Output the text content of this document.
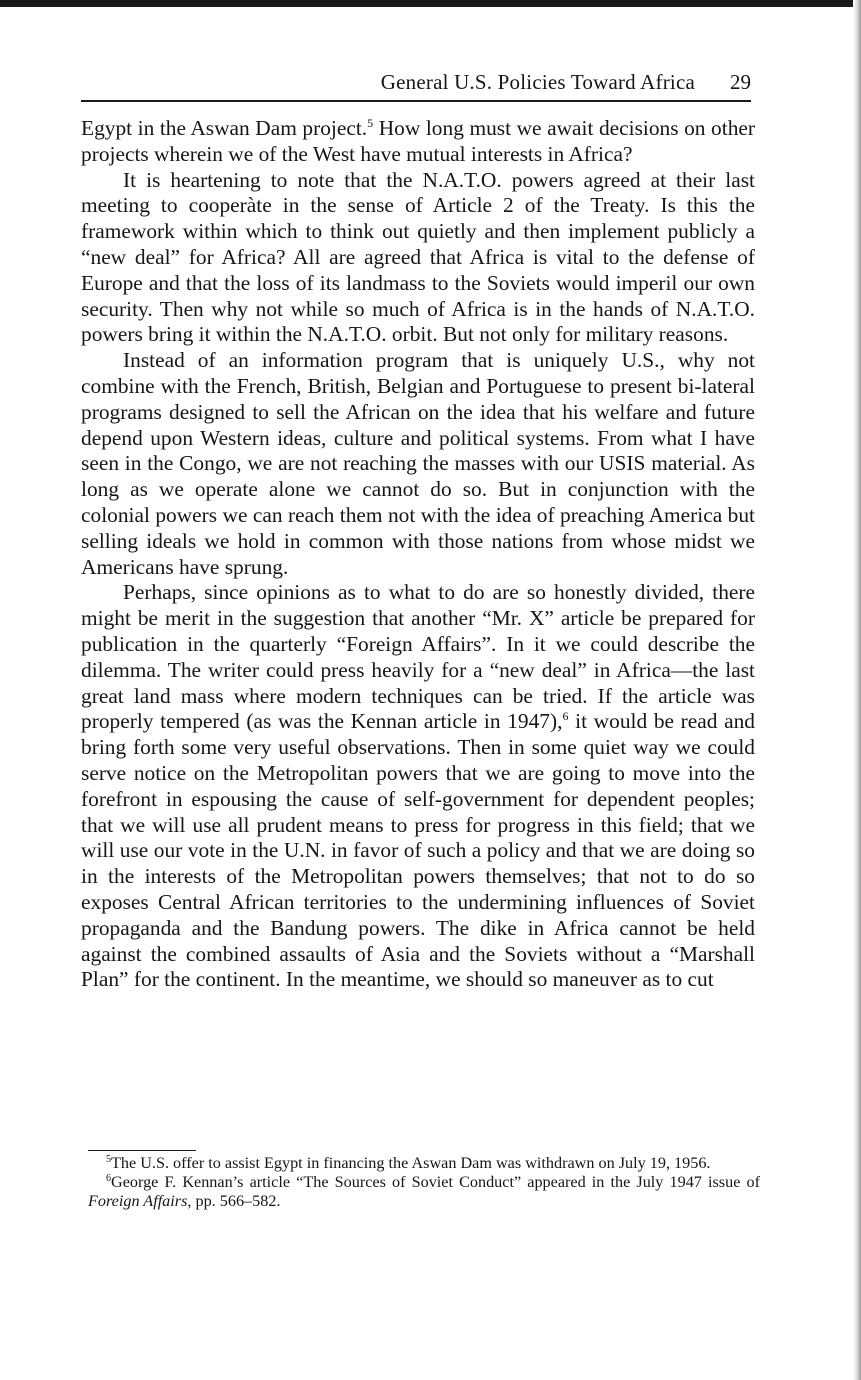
General U.S. Policies Toward Africa 29

Egypt in the Aswan Dam project.$^5$ How long must we await decisions on other projects wherein we of the West have mutual interests in Africa?

It is heartening to note that the N.A.T.O. powers agreed at their last meeting to cooperàte in the sense of Article 2 of the Treaty. Is this the framework within which to think out quietly and then implement publicly a “new deal” for Africa? All are agreed that Africa is vital to the defense of Europe and that the loss of its landmass to the Soviets would imperil our own security. Then why not while so much of Africa is in the hands of N.A.T.O. powers bring it within the N.A.T.O. orbit. But not only for military reasons.

Instead of an information program that is uniquely U.S., why not combine with the French, British, Belgian and Portuguese to present bi-lateral programs designed to sell the African on the idea that his welfare and future depend upon Western ideas, culture and political systems. From what I have seen in the Congo, we are not reaching the masses with our USIS material. As long as we operate alone we cannot do so. But in conjunction with the colonial powers we can reach them not with the idea of preaching America but selling ideals we hold in common with those nations from whose midst we Americans have sprung.

Perhaps, since opinions as to what to do are so honestly divided, there might be merit in the suggestion that another “Mr. X” article be prepared for publication in the quarterly “Foreign Affairs”. In it we could describe the dilemma. The writer could press heavily for a “new deal” in Africa—the last great land mass where modern techniques can be tried. If the article was properly tempered (as was the Kennan article in 1947),$^6$ it would be read and bring forth some very useful observations. Then in some quiet way we could serve notice on the Metropolitan powers that we are going to move into the forefront in espousing the cause of self-government for dependent peoples; that we will use all prudent means to press for progress in this field; that we will use our vote in the U.N. in favor of such a policy and that we are doing so in the interests of the Metropolitan powers themselves; that not to do so exposes Central African territories to the undermining influences of Soviet propaganda and the Bandung powers. The dike in Africa cannot be held against the combined assaults of Asia and the Soviets without a “Marshall Plan” for the continent. In the meantime, we should so maneuver as to cut

$^5$The U.S. offer to assist Egypt in financing the Aswan Dam was withdrawn on July 19, 1956.

$^6$George F. Kennan’s article “The Sources of Soviet Conduct” appeared in the July 1947 issue of Foreign Affairs, pp. 566–582.
